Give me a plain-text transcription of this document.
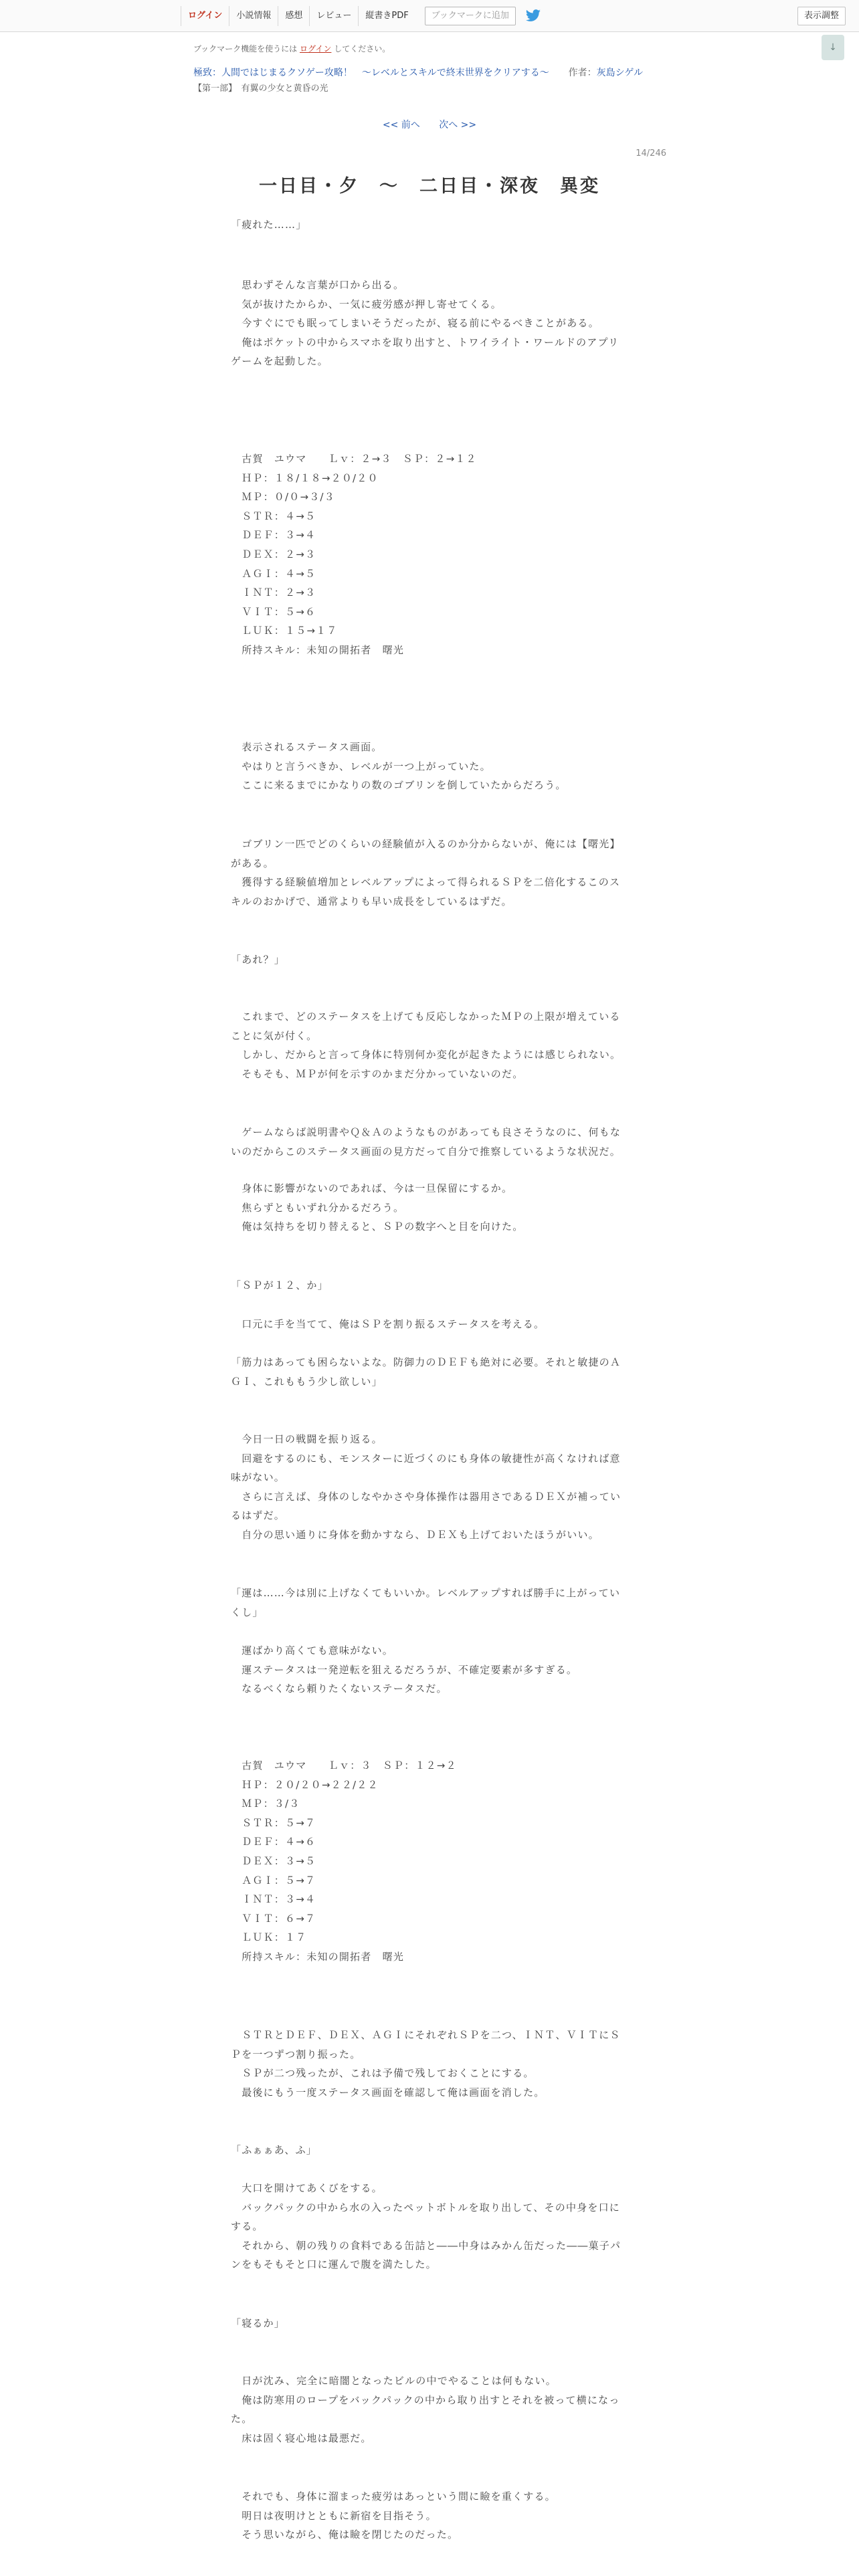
ログイン	小説情報	感想	レビュー	縦書きPDF	ブックマークに追加	表示調整
↓
ブックマーク機能を使うには ログイン してください。
極致：人間ではじまるクソゲー攻略！　～レベルとスキルで終末世界をクリアする～ 作者：灰島シゲル
【第一部】　有翼の少女と黄昏の光
<< 前へ 次へ >>
14/246
一日目・夕　～　二日目・深夜　異変
「疲れた……」
　思わずそんな言葉が口から出る。
　気が抜けたからか、一気に疲労感が押し寄せてくる。
　今すぐにでも眠ってしまいそうだったが、寝る前にやるべきことがある。
　俺はポケットの中からスマホを取り出すと、トワイライト・ワールドのアプリゲームを起動した。
　古賀　ユウマ　　Ｌｖ：２→３　ＳＰ：２→１２
　ＨＰ：１８/１８→２０/２０
　ＭＰ：０/０→３/３
　ＳＴＲ：４→５
　ＤＥＦ：３→４
　ＤＥＸ：２→３
　ＡＧＩ：４→５
　ＩＮＴ：２→３
　ＶＩＴ：５→６
　ＬＵＫ：１５→１７
　所持スキル：未知の開拓者　曙光
　表示されるステータス画面。
　やはりと言うべきか、レベルが一つ上がっていた。
　ここに来るまでにかなりの数のゴブリンを倒していたからだろう。
　ゴブリン一匹でどのくらいの経験値が入るのか分からないが、俺には【曙光】がある。
　獲得する経験値増加とレベルアップによって得られるＳＰを二倍化するこのスキルのおかげで、通常よりも早い成長をしているはずだ。
「あれ？」
　これまで、どのステータスを上げても反応しなかったＭＰの上限が増えていることに気が付く。
　しかし、だからと言って身体に特別何か変化が起きたようには感じられない。
　そもそも、ＭＰが何を示すのかまだ分かっていないのだ。
　ゲームならば説明書やＱ＆Ａのようなものがあっても良さそうなのに、何もないのだからこのステータス画面の見方だって自分で推察しているような状況だ。
　身体に影響がないのであれば、今は一旦保留にするか。
　焦らずともいずれ分かるだろう。
　俺は気持ちを切り替えると、ＳＰの数字へと目を向けた。
「ＳＰが１２、か」
　口元に手を当てて、俺はＳＰを割り振るステータスを考える。
「筋力はあっても困らないよな。防御力のＤＥＦも絶対に必要。それと敏捷のＡＧＩ、これももう少し欲しい」
　今日一日の戦闘を振り返る。
　回避をするのにも、モンスターに近づくのにも身体の敏捷性が高くなければ意味がない。
　さらに言えば、身体のしなやかさや身体操作は器用さであるＤＥＸが補っているはずだ。
　自分の思い通りに身体を動かすなら、ＤＥＸも上げておいたほうがいい。
「運は……今は別に上げなくてもいいか。レベルアップすれば勝手に上がっていくし」
　運ばかり高くても意味がない。
　運ステータスは一発逆転を狙えるだろうが、不確定要素が多すぎる。
　なるべくなら頼りたくないステータスだ。
　古賀　ユウマ　　Ｌｖ：３　ＳＰ：１２→２
　ＨＰ：２０/２０→２２/２２
　ＭＰ：３/３
　ＳＴＲ：５→７
　ＤＥＦ：４→６
　ＤＥＸ：３→５
　ＡＧＩ：５→７
　ＩＮＴ：３→４
　ＶＩＴ：６→７
　ＬＵＫ：１７
　所持スキル：未知の開拓者　曙光
　ＳＴＲとＤＥＦ、ＤＥＸ、ＡＧＩにそれぞれＳＰを二つ、ＩＮＴ、ＶＩＴにＳＰを一つずつ割り振った。
　ＳＰが二つ残ったが、これは予備で残しておくことにする。
　最後にもう一度ステータス画面を確認して俺は画面を消した。
「ふぁぁあ、ふ」
　大口を開けてあくびをする。
　バックパックの中から水の入ったペットボトルを取り出して、その中身を口にする。
　それから、朝の残りの食料である缶詰と――中身はみかん缶だった――菓子パンをもそもそと口に運んで腹を満たした。
「寝るか」
　日が沈み、完全に暗闇となったビルの中でやることは何もない。
　俺は防寒用のロープをバックパックの中から取り出すとそれを被って横になった。
　床は固く寝心地は最悪だ。
　それでも、身体に溜まった疲労はあっという間に瞼を重くする。
　明日は夜明けとともに新宿を目指そう。
　そう思いながら、俺は瞼を閉じたのだった。
